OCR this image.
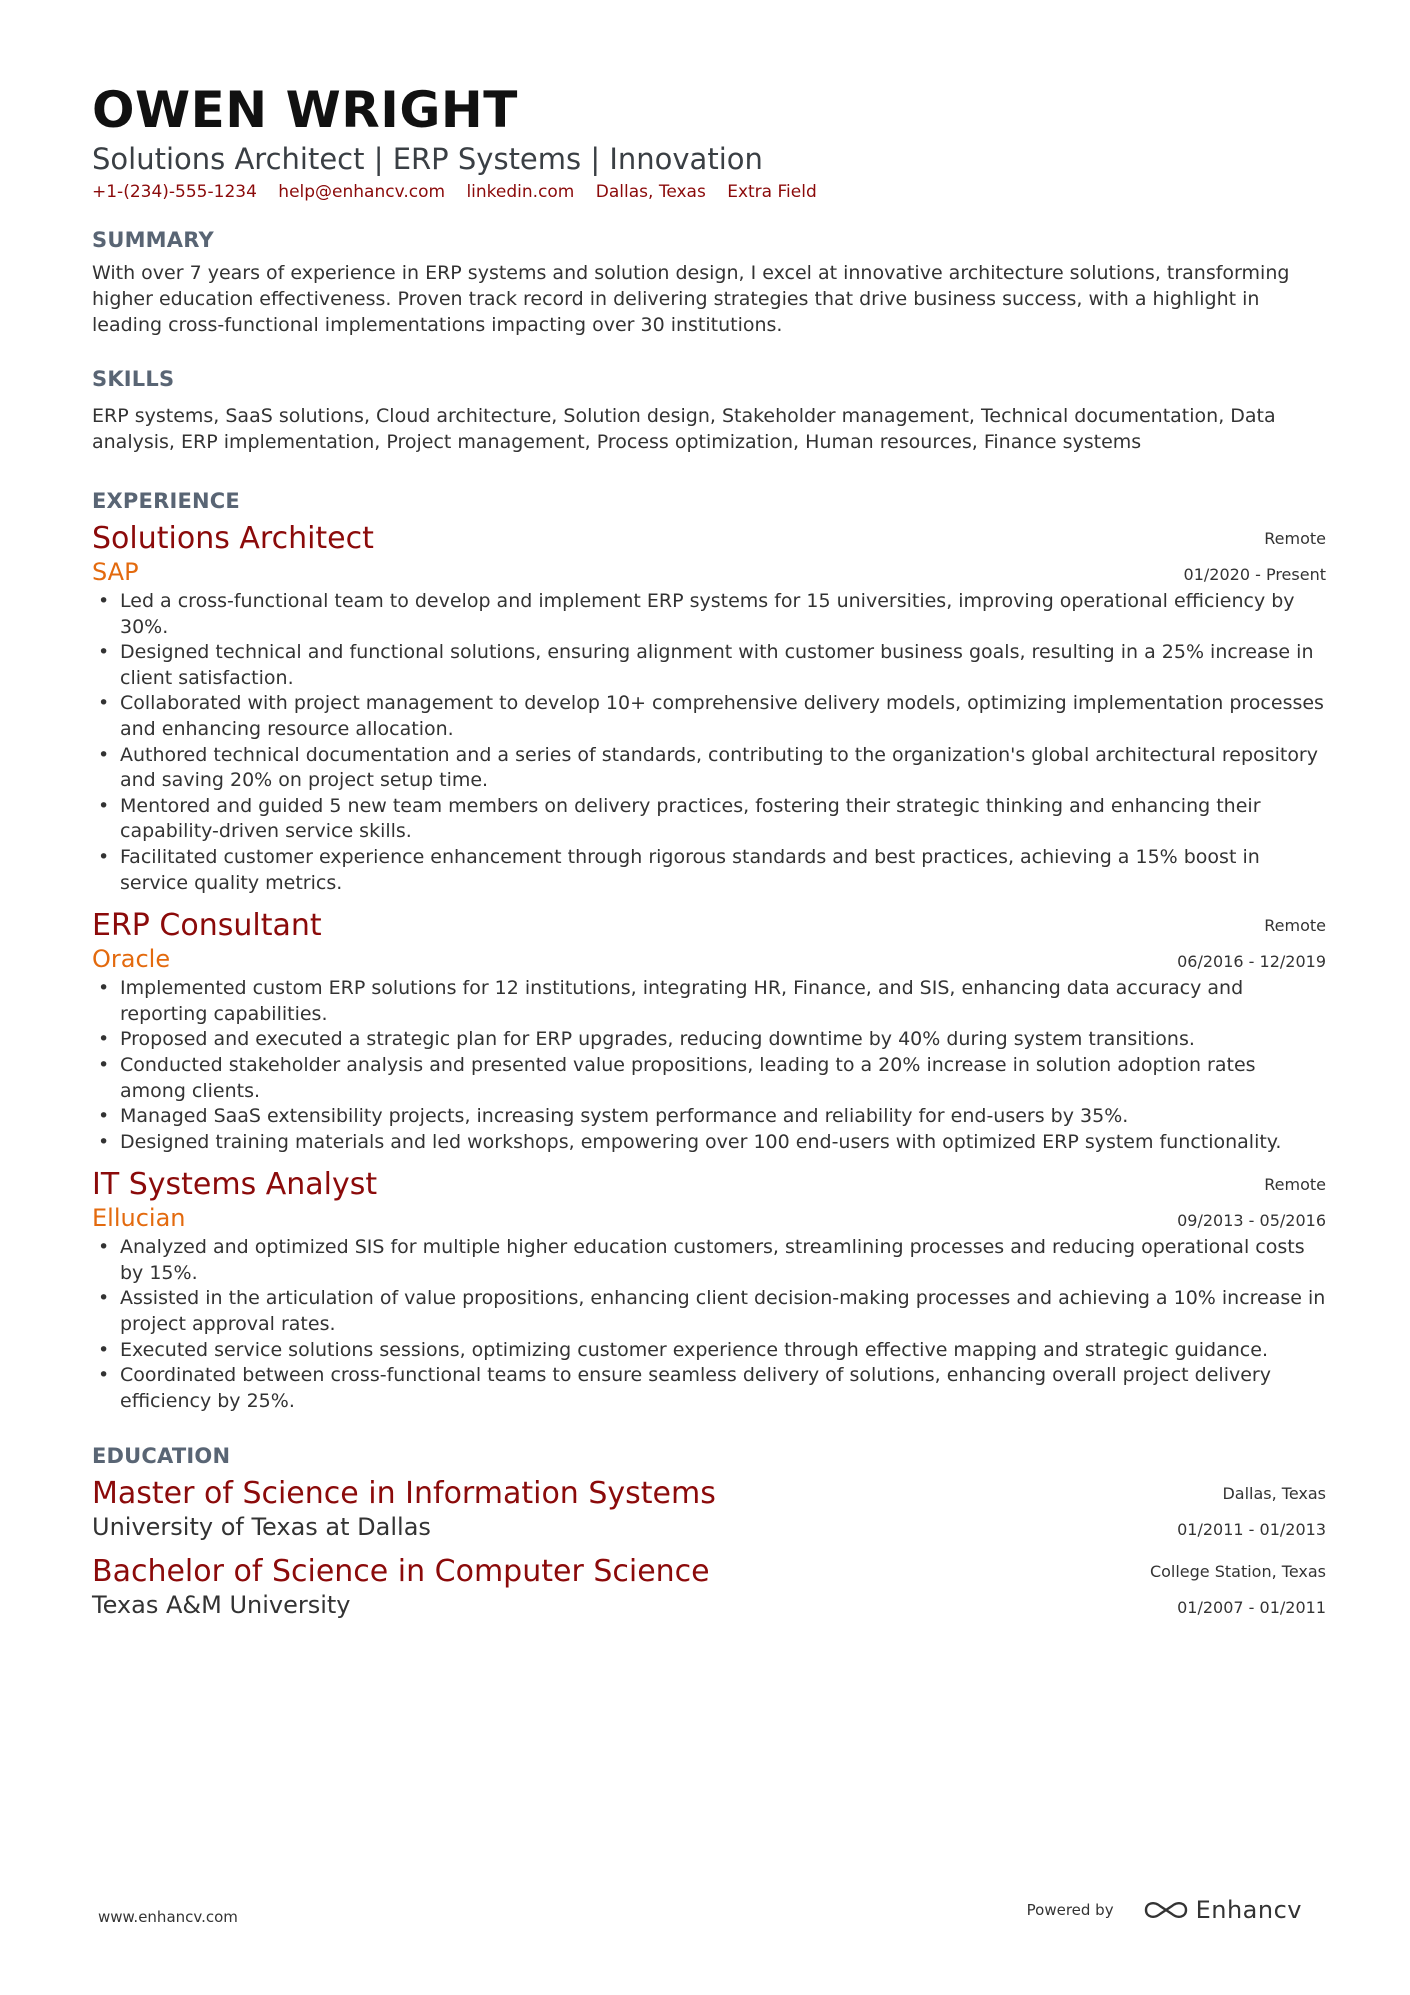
OWEN WRIGHT

Solutions Architect | ERP Systems | Innovation

+1-(234)-555-1234 help@enhancv.com linkedin.com Dallas, Texas Extra Field
SUMMARY

With over 7 years of experience in ERP systems and solution design, I excel at innovative architecture solutions, transforming higher education effectiveness. Proven track record in delivering strategies that drive business success, with a highlight in leading cross-functional implementations impacting over 30 institutions.

SKILLS

ERP systems, SaaS solutions, Cloud architecture, Solution design, Stakeholder management, Technical documentation, Data analysis, ERP implementation, Project management, Process optimization, Human resources, Finance systems

EXPERIENCE
Remote
01/2020 - Present

Solutions Architect

SAP

• Led a cross-functional team to develop and implement ERP systems for 15 universities, improving operational efficiency by 30%.
• Designed technical and functional solutions, ensuring alignment with customer business goals, resulting in a 25% increase in client satisfaction.
• Collaborated with project management to develop 10+ comprehensive delivery models, optimizing implementation processes and enhancing resource allocation.
• Authored technical documentation and a series of standards, contributing to the organization's global architectural repository and saving 20% on project setup time.
• Mentored and guided 5 new team members on delivery practices, fostering their strategic thinking and enhancing their capability-driven service skills.
• Facilitated customer experience enhancement through rigorous standards and best practices, achieving a 15% boost in service quality metrics.
Remote
06/2016 - 12/2019

ERP Consultant

Oracle

• Implemented custom ERP solutions for 12 institutions, integrating HR, Finance, and SIS, enhancing data accuracy and reporting capabilities.
• Proposed and executed a strategic plan for ERP upgrades, reducing downtime by 40% during system transitions.
• Conducted stakeholder analysis and presented value propositions, leading to a 20% increase in solution adoption rates among clients.
• Managed SaaS extensibility projects, increasing system performance and reliability for end-users by 35%.
• Designed training materials and led workshops, empowering over 100 end-users with optimized ERP system functionality.
Remote
09/2013 - 05/2016

IT Systems Analyst

Ellucian

• Analyzed and optimized SIS for multiple higher education customers, streamlining processes and reducing operational costs by 15%.
• Assisted in the articulation of value propositions, enhancing client decision-making processes and achieving a 10% increase in project approval rates.
• Executed service solutions sessions, optimizing customer experience through effective mapping and strategic guidance.
• Coordinated between cross-functional teams to ensure seamless delivery of solutions, enhancing overall project delivery efficiency by 25%.
EDUCATION
Dallas, Texas
01/2011 - 01/2013

Master of Science in Information Systems

University of Texas at Dallas

College Station, Texas
01/2007 - 01/2011

Bachelor of Science in Computer Science

Texas A&M University

www.enhancv.com	Powered by	Enhancv
